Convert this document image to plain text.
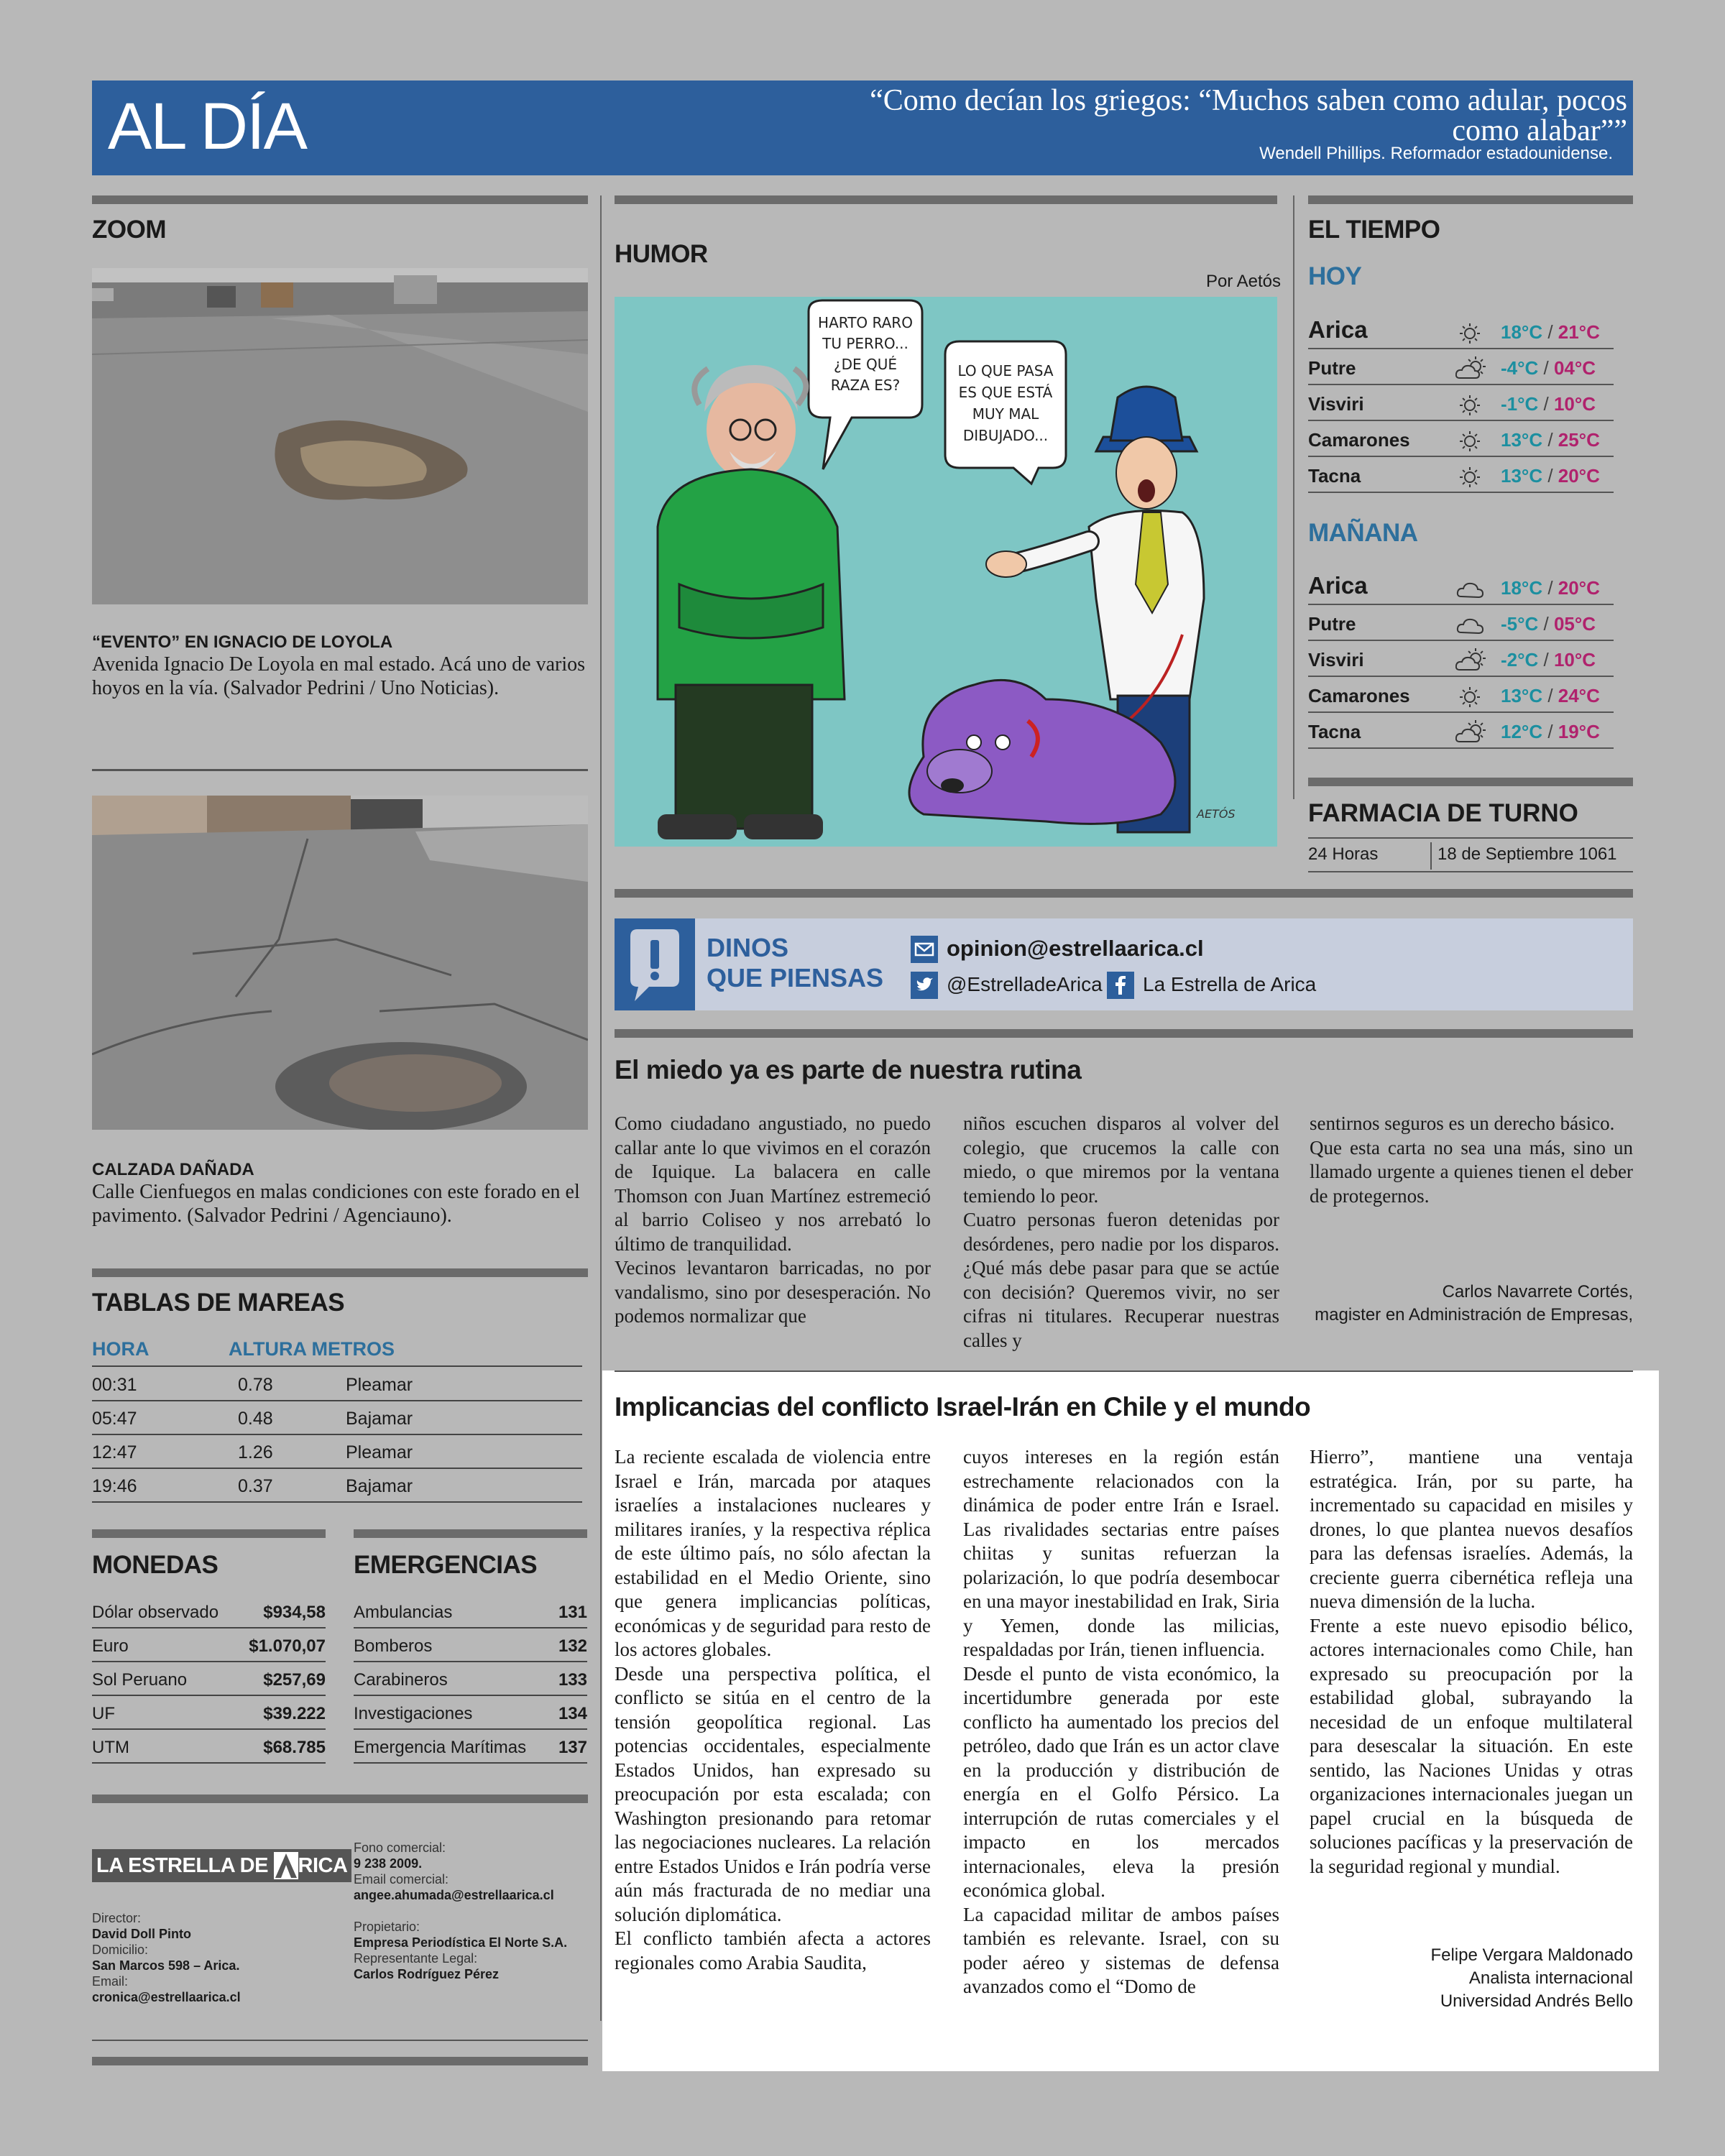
AL DÍA	“Como decían los griegos: “Muchos saben como adular, pocos
como alabar””
Wendell Phillips. Reformador estadounidense.
ZOOM
“EVENTO” EN IGNACIO DE LOYOLA
Avenida Ignacio De Loyola en mal estado. Acá uno de varios hoyos en la vía. (Salvador Pedrini / Uno Noticias).
CALZADA DAÑADA
Calle Cienfuegos en malas condiciones con este forado en el pavimento. (Salvador Pedrini / Agenciauno).
HUMOR
Por Aetós
HARTO RARO
TU PERRO...
¿DE QUÉ
RAZA ES?
LO QUE PASA
ES QUE ESTÁ
MUY MAL
DIBUJADO...
AETÓS
EL TIEMPO
HOY
Arica	18°C / 21°C
Putre	-4°C / 04°C
Visviri	-1°C / 10°C
Camarones	13°C / 25°C
Tacna	13°C / 20°C
MAÑANA
Arica	18°C / 20°C
Putre	-5°C / 05°C
Visviri	-2°C / 10°C
Camarones	13°C / 24°C
Tacna	12°C / 19°C
FARMACIA DE TURNO
24 Horas	18 de Septiembre 1061
DINOS
QUE PIENSAS
opinion@estrellaarica.cl
@EstrelladeArica La Estrella de Arica
El miedo ya es parte de nuestra rutina

Como ciudadano angustiado, no puedo callar ante lo que vivimos en el corazón de Iquique. La balacera en calle Thomson con Juan Martínez estremeció al barrio Coliseo y nos arrebató lo último de tranquilidad.

Vecinos levantaron barricadas, no por vandalismo, sino por desesperación. No podemos normalizar que

niños escuchen disparos al volver del colegio, que crucemos la calle con miedo, o que miremos por la ventana temiendo lo peor.

Cuatro personas fueron detenidas por desórdenes, pero nadie por los disparos. ¿Qué más debe pasar para que se actúe con decisión? Queremos vivir, no ser cifras ni titulares. Recuperar nuestras calles y

sentirnos seguros es un derecho básico.

Que esta carta no sea una más, sino un llamado urgente a quienes tienen el deber de protegernos.

Carlos Navarrete Cortés,
magister en Administración de Empresas,
Implicancias del conflicto Israel-Irán en Chile y el mundo

La reciente escalada de violencia entre Israel e Irán, marcada por ataques israelíes a instalaciones nucleares y militares iraníes, y la respectiva réplica de este último país, no sólo afectan la estabilidad en el Medio Oriente, sino que genera implicancias políticas, económicas y de seguridad para resto de los actores globales.

Desde una perspectiva política, el conflicto se sitúa en el centro de la tensión geopolítica regional. Las potencias occidentales, especialmente Estados Unidos, han expresado su preocupación por esta escalada; con Washington presionando para retomar las negociaciones nucleares. La relación entre Estados Unidos e Irán podría verse aún más fracturada de no mediar una solución diplomática.

El conflicto también afecta a actores regionales como Arabia Saudita,

cuyos intereses en la región están estrechamente relacionados con la dinámica de poder entre Irán e Israel. Las rivalidades sectarias entre países chiitas y sunitas refuerzan la polarización, lo que podría desembocar en una mayor inestabilidad en Irak, Siria y Yemen, donde las milicias, respaldadas por Irán, tienen influencia.

Desde el punto de vista económico, la incertidumbre generada por este conflicto ha aumentado los precios del petróleo, dado que Irán es un actor clave en la producción y distribución de energía en el Golfo Pérsico. La interrupción de rutas comerciales y el impacto en los mercados internacionales, eleva la presión económica global.

La capacidad militar de ambos países también es relevante. Israel, con su poder aéreo y sistemas de defensa avanzados como el “Domo de

Hierro”, mantiene una ventaja estratégica. Irán, por su parte, ha incrementado su capacidad en misiles y drones, lo que plantea nuevos desafíos para las defensas israelíes. Además, la creciente guerra cibernética refleja una nueva dimensión de la lucha.

Frente a este nuevo episodio bélico, actores internacionales como Chile, han expresado su preocupación por la estabilidad global, subrayando la necesidad de un enfoque multilateral para desescalar la situación. En este sentido, las Naciones Unidas y otras organizaciones internacionales juegan un papel crucial en la búsqueda de soluciones pacíficas y la preservación de la seguridad regional y mundial.

Felipe Vergara Maldonado
Analista internacional
Universidad Andrés Bello
TABLAS DE MAREAS
HORA	ALTURA METROS
00:31	0.78	Pleamar
05:47	0.48	Bajamar
12:47	1.26	Pleamar
19:46	0.37	Bajamar
MONEDAS
Dólar observado	$934,58
Euro	$1.070,07
Sol Peruano	$257,69
UF	$39.222
UTM	$68.785
EMERGENCIAS
Ambulancias	131
Bomberos	132
Carabineros	133
Investigaciones	134
Emergencia Marítimas 137
LA ESTRELLA DE RICA
Director:
David Doll Pinto
Domicilio:
San Marcos 598 – Arica.
Email:
cronica@estrellaarica.cl
Fono comercial:
9 238 2009.
Email comercial:
angee.ahumada@estrellaarica.cl
Propietario:
Empresa Periodística El Norte S.A.
Representante Legal:
Carlos Rodríguez Pérez
